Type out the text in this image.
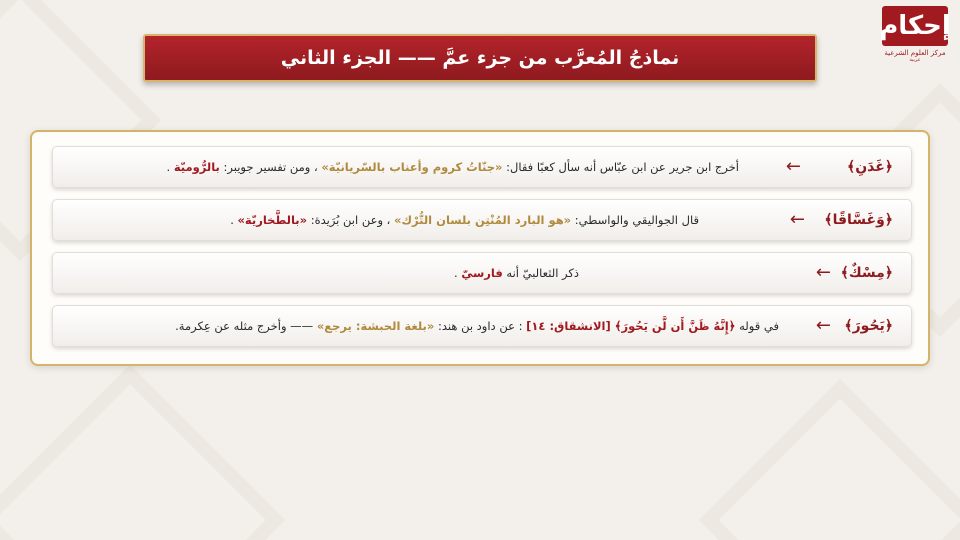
إحكام
مركز العلوم الشرعية
عربية
نماذجُ المُعرَّب من جزء عمَّ —— الجزء الثاني
﴿غَدَنِ﴾
←
أخرج ابن جرير عن ابن عبّاس أنه سأل كعبًا فقال: «جنّاتُ كروم وأعناب بالسّريانيّة» ، ومن تفسير جويبر: بالرُّوميّة .
﴿وَغَسَّاقًا﴾
←
قال الجواليقي والواسطي: «هو البارد المُنْتِن بلسان التُّرْك» ، وعن ابن بُرَيدة: «بالطَّخاريّة» .
﴿مِسْكٌ﴾
←
ذكر الثعالبيّ أنه فارسيّ .
﴿يَحُورَ﴾
←
في قوله ﴿إِنَّهُ ظَنَّ أَن لَّن يَحُورَ﴾ [الانشقاق: ١٤] : عن داود بن هند: «بلغة الحبشة: يرجع» —— وأخرج مثله عن عِكرمة.
